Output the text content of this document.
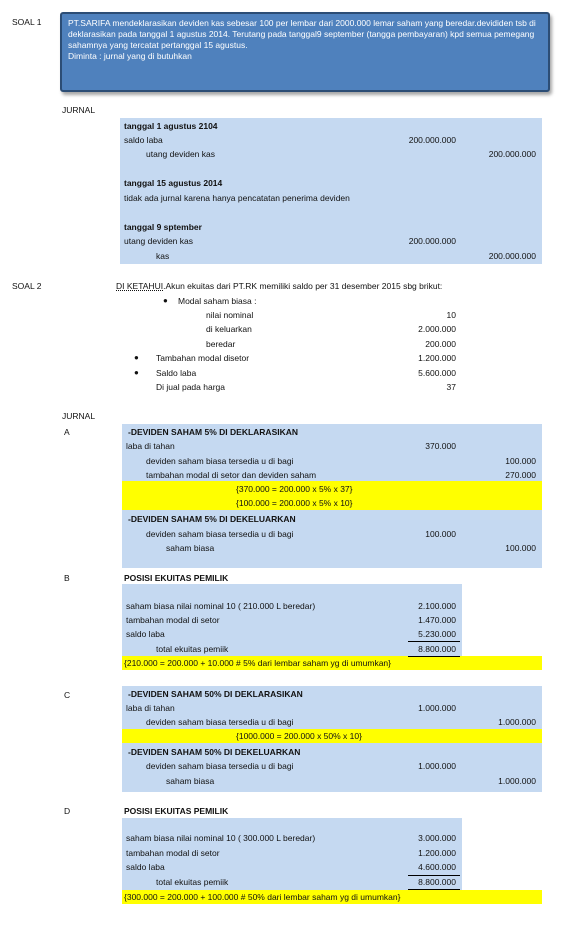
SOAL 1	PT.SARIFA mendeklarasikan deviden kas sebesar 100 per lembar dari 2000.000 lemar saham yang beredar.devididen tsb di deklarasikan pada tanggal 1 agustus 2014. Terutang pada tanggal9 september (tangga pembayaran) kpd semua pemegang sahamnya yang tercatat pertanggal 15 agustus.
Diminta : jurnal yang di butuhkan
JURNAL
tanggal 1 agustus 2104
saldo laba	200.000.000
utang deviden kas	200.000.000
tanggal 15 agustus 2014
tidak ada jurnal karena hanya pencatatan penerima deviden
tanggal 9 sptember
utang deviden kas	200.000.000
kas	200.000.000
SOAL 2	DI KETAHUI.Akun ekuitas dari PT.RK memiliki saldo per 31 desember 2015 sbg brikut:
● Modal saham biasa :
nilai nominal	10
di keluarkan	2.000.000
beredar	200.000
● Tambahan modal disetor	1.200.000
● Saldo laba	5.600.000
Di jual pada harga	37
JURNAL
A	-DEVIDEN SAHAM 5% DI DEKLARASIKAN
laba di tahan	370.000
deviden saham biasa tersedia u di bagi	100.000
tambahan modal di setor dan deviden saham	270.000
{370.000 = 200.000 x 5% x 37}
{100.000 = 200.000 x 5% x 10}
-DEVIDEN SAHAM 5% DI DEKELUARKAN
deviden saham biasa tersedia u di bagi	100.000
saham biasa	100.000
B	POSISI EKUITAS PEMILIK
saham biasa nilai nominal 10 ( 210.000 L beredar)	2.100.000
tambahan modal di setor	1.470.000
saldo laba	5.230.000
total ekuitas pemiik	8.800.000
{210.000 = 200.000 + 10.000 # 5% dari lembar saham yg di umumkan}
C	-DEVIDEN SAHAM 50% DI DEKLARASIKAN
laba di tahan	1.000.000
deviden saham biasa tersedia u di bagi	1.000.000
{1000.000 = 200.000 x 50% x 10}
-DEVIDEN SAHAM 50% DI DEKELUARKAN
deviden saham biasa tersedia u di bagi	1.000.000
saham biasa	1.000.000
D	POSISI EKUITAS PEMILIK
saham biasa nilai nominal 10 ( 300.000 L beredar)	3.000.000
tambahan modal di setor	1.200.000
saldo laba	4.600.000
total ekuitas pemiik	8.800.000
{300.000 = 200.000 + 100.000 # 50% dari lembar saham yg di umumkan}
